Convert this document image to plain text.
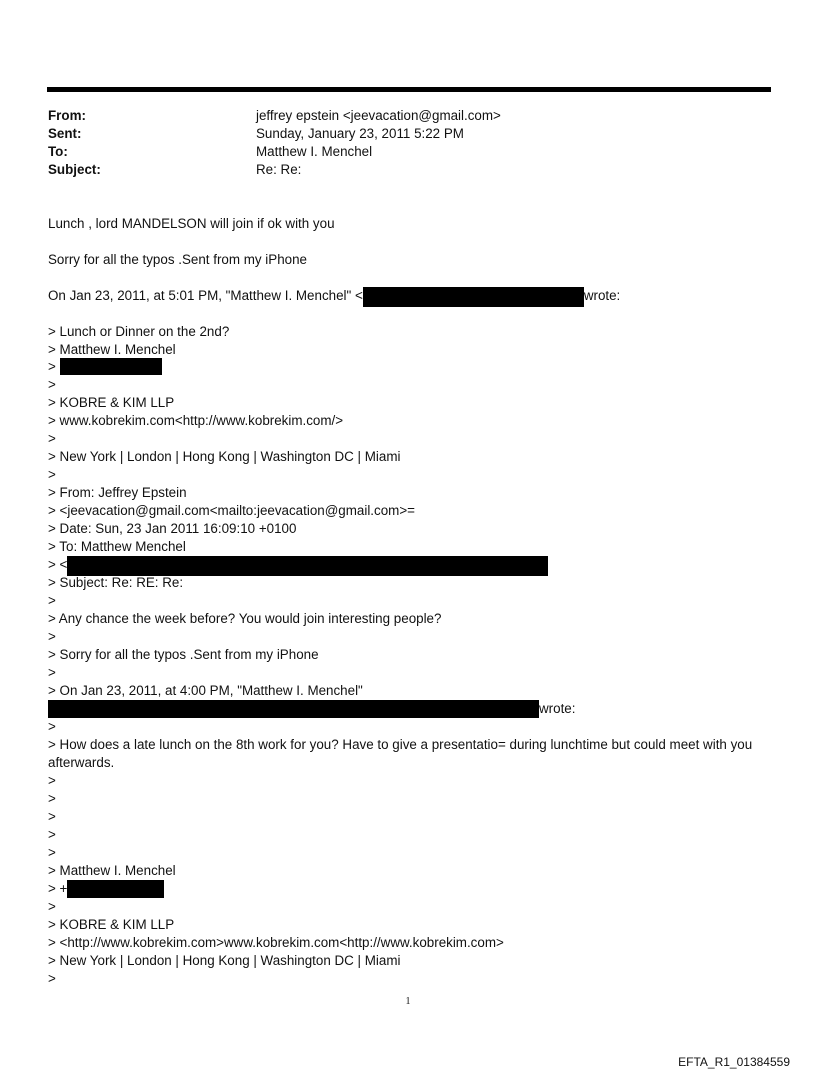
From:	jeffrey epstein <jeevacation@gmail.com>
Sent:	Sunday, January 23, 2011 5:22 PM
To:	Matthew I. Menchel
Subject:	Re: Re:
Lunch , lord MANDELSON will join if ok with you
Sorry for all the typos .Sent from my iPhone
On Jan 23, 2011, at 5:01 PM, "Matthew I. Menchel" <	wrote:
> Lunch or Dinner on the 2nd?
> Matthew I. Menchel
>
>
> KOBRE & KIM LLP
> www.kobrekim.com<http://www.kobrekim.com/>
>
> New York | London | Hong Kong | Washington DC | Miami
>
> From: Jeffrey Epstein
> <jeevacation@gmail.com<mailto:jeevacation@gmail.com>=
> Date: Sun, 23 Jan 2011 16:09:10 +0100
> To: Matthew Menchel
> <
> Subject: Re: RE: Re:
>
> Any chance the week before? You would join interesting people?
>
> Sorry for all the typos .Sent from my iPhone
>
> On Jan 23, 2011, at 4:00 PM, "Matthew I. Menchel"
wrote:
>
> How does a late lunch on the 8th work for you? Have to give a presentatio= during lunchtime but could meet with you
afterwards.
>
>
>
>
>
> Matthew I. Menchel
> +
>
> KOBRE & KIM LLP
> <http://www.kobrekim.com>www.kobrekim.com<http://www.kobrekim.com>
> New York | London | Hong Kong | Washington DC | Miami
>
1
EFTA_R1_01384559
